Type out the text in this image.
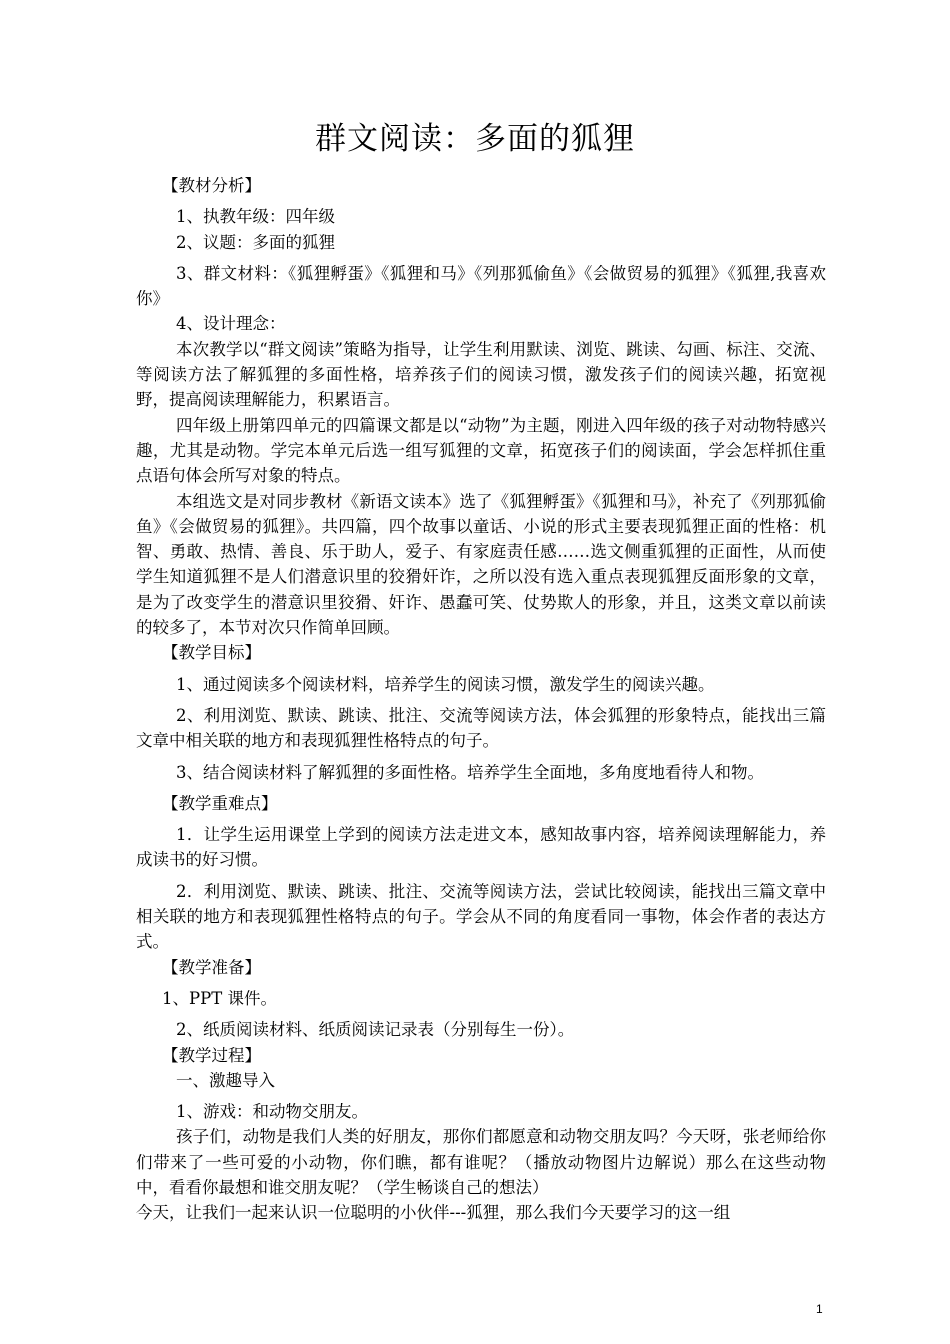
群文阅读：多面的狐狸

【教材分析】

1、执教年级：四年级

2、议题：多面的狐狸

3、群文材料：《狐狸孵蛋》《狐狸和马》《列那狐偷鱼》《会做贸易的狐狸》《狐狸,我喜欢你》

4、设计理念：

本次教学以“群文阅读”策略为指导，让学生利用默读、浏览、跳读、勾画、标注、交流、等阅读方法了解狐狸的多面性格，培养孩子们的阅读习惯，激发孩子们的阅读兴趣，拓宽视野，提高阅读理解能力，积累语言。

四年级上册第四单元的四篇课文都是以“动物”为主题，刚进入四年级的孩子对动物特感兴趣，尤其是动物。学完本单元后选一组写狐狸的文章，拓宽孩子们的阅读面，学会怎样抓住重点语句体会所写对象的特点。

本组选文是对同步教材《新语文读本》选了《狐狸孵蛋》《狐狸和马》，补充了《列那狐偷鱼》《会做贸易的狐狸》。共四篇，四个故事以童话、小说的形式主要表现狐狸正面的性格：机智、勇敢、热情、善良、乐于助人，爱子、有家庭责任感……选文侧重狐狸的正面性，从而使学生知道狐狸不是人们潜意识里的狡猾奸诈，之所以没有选入重点表现狐狸反面形象的文章，是为了改变学生的潜意识里狡猾、奸诈、愚蠢可笑、仗势欺人的形象，并且，这类文章以前读的较多了，本节对次只作简单回顾。

【教学目标】

1、通过阅读多个阅读材料，培养学生的阅读习惯，激发学生的阅读兴趣。

2、利用浏览、默读、跳读、批注、交流等阅读方法，体会狐狸的形象特点，能找出三篇文章中相关联的地方和表现狐狸性格特点的句子。

3、结合阅读材料了解狐狸的多面性格。培养学生全面地，多角度地看待人和物。

【教学重难点】

1．让学生运用课堂上学到的阅读方法走进文本，感知故事内容，培养阅读理解能力，养成读书的好习惯。

2．利用浏览、默读、跳读、批注、交流等阅读方法，尝试比较阅读，能找出三篇文章中相关联的地方和表现狐狸性格特点的句子。学会从不同的角度看同一事物，体会作者的表达方式。

【教学准备】

1、PPT 课件。

2、纸质阅读材料、纸质阅读记录表（分别每生一份）。

【教学过程】

一、激趣导入

1、游戏：和动物交朋友。

孩子们，动物是我们人类的好朋友，那你们都愿意和动物交朋友吗？今天呀，张老师给你们带来了一些可爱的小动物，你们瞧，都有谁呢？（播放动物图片边解说）那么在这些动物中，看看你最想和谁交朋友呢？（学生畅谈自己的想法）

今天，让我们一起来认识一位聪明的小伙伴---狐狸，那么我们今天要学习的这一组

1
